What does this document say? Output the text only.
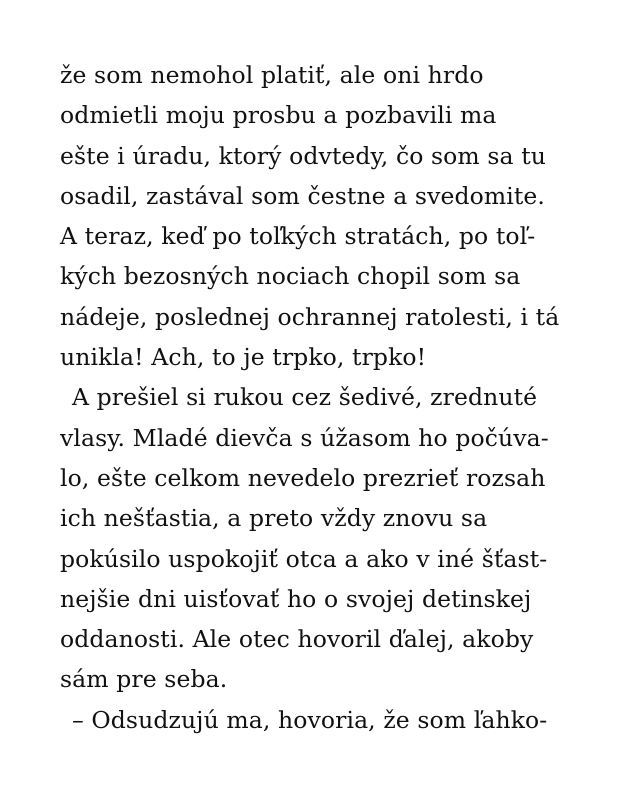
že som nemohol platiť, ale oni hrdo
odmietli moju prosbu a pozbavili ma
ešte i úradu, ktorý odvtedy, čo som sa tu
osadil, zastával som čestne a svedomite.
A teraz, keď po toľkých stratách, po toľ-
kých bezosných nociach chopil som sa
nádeje, poslednej ochrannej ratolesti, i tá
unikla! Ach, to je trpko, trpko!
A prešiel si rukou cez šedivé, zrednuté
vlasy. Mladé dievča s úžasom ho počúva-
lo, ešte celkom nevedelo prezrieť rozsah
ich nešťastia, a preto vždy znovu sa
pokúsilo uspokojiť otca a ako v iné šťast-
nejšie dni uisťovať ho o svojej detinskej
oddanosti. Ale otec hovoril ďalej, akoby
sám pre seba.
– Odsudzujú ma, hovoria, že som ľahko-
